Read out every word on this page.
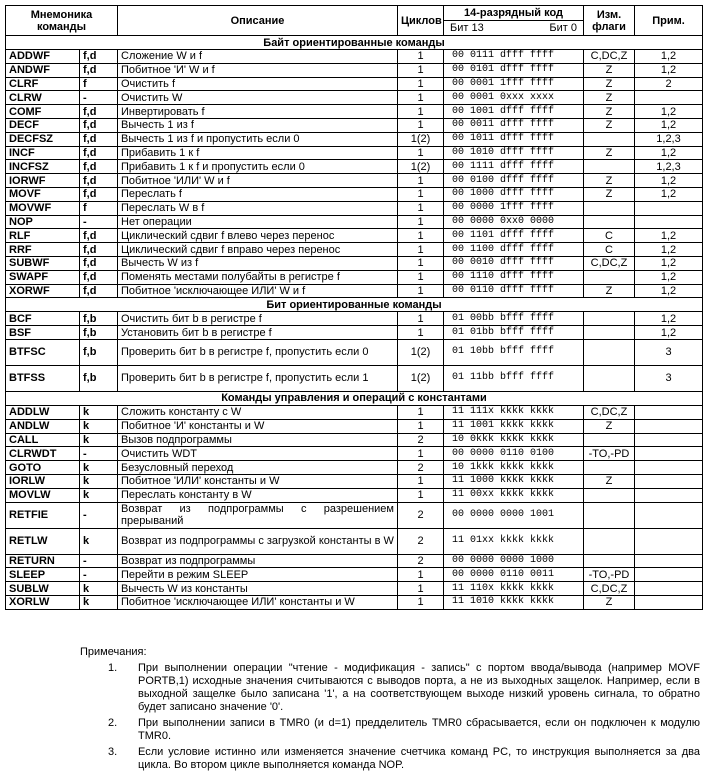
Мнемоника команды		Описание	Циклов	14-разрядный код	Изм. флаги	Прим.

				Бит 13 Бит 0		

Байт ориентированные команды						
ADDWF	f,d	Сложение W и f	1	00 0111 dfff ffff	C,DC,Z	1,2
ANDWF	f,d	Побитное 'И' W и f	1	00 0101 dfff ffff	Z	1,2
CLRF	f	Очистить f	1	00 0001 1fff ffff	Z	2
CLRW	-	Очистить W	1	00 0001 0xxx xxxx	Z	
COMF	f,d	Инвертировать f	1	00 1001 dfff ffff	Z	1,2
DECF	f,d	Вычесть 1 из f	1	00 0011 dfff ffff	Z	1,2
DECFSZ	f,d	Вычесть 1 из f и пропустить если 0	1(2)	00 1011 dfff ffff		1,2,3
INCF	f,d	Прибавить 1 к f	1	00 1010 dfff ffff	Z	1,2
INCFSZ	f,d	Прибавить 1 к f и пропустить если 0	1(2)	00 1111 dfff ffff		1,2,3
IORWF	f,d	Побитное 'ИЛИ' W и f	1	00 0100 dfff ffff	Z	1,2
MOVF	f,d	Переслать f	1	00 1000 dfff ffff	Z	1,2
MOVWF	f	Переслать W в f	1	00 0000 1fff ffff		
NOP	-	Нет операции	1	00 0000 0xx0 0000		
RLF	f,d	Циклический сдвиг f влево через перенос	1	00 1101 dfff ffff	C	1,2
RRF	f,d	Циклический сдвиг f вправо через перенос	1	00 1100 dfff ffff	C	1,2
SUBWF	f,d	Вычесть W из f	1	00 0010 dfff ffff	C,DC,Z	1,2
SWAPF	f,d	Поменять местами полубайты в регистре f	1	00 1110 dfff ffff		1,2
XORWF	f,d	Побитное 'исключающее ИЛИ' W и f	1	00 0110 dfff ffff	Z	1,2
Бит ориентированные команды						
BCF	f,b	Очистить бит b в регистре f	1	01 00bb bfff ffff		1,2
BSF	f,b	Установить бит b в регистре f	1	01 01bb bfff ffff		1,2
BTFSC	f,b	Проверить бит b в регистре f, пропустить если 0	1(2)	01 10bb bfff ffff		3
BTFSS	f,b	Проверить бит b в регистре f, пропустить если 1	1(2)	01 11bb bfff ffff		3
Команды управления и операций с константами						
ADDLW	k	Сложить константу с W	1	11 111x kkkk kkkk	C,DC,Z	
ANDLW	k	Побитное 'И' константы и W	1	11 1001 kkkk kkkk	Z	
CALL	k	Вызов подпрограммы	2	10 0kkk kkkk kkkk		
CLRWDT	-	Очистить WDT	1	00 0000 0110 0100	-TO,-PD	
GOTO	k	Безусловный переход	2	10 1kkk kkkk kkkk		
IORLW	k	Побитное 'ИЛИ' константы и W	1	11 1000 kkkk kkkk	Z	
MOVLW	k	Переслать константу в W	1	11 00xx kkkk kkkk		
RETFIE	-	Возврат из подпрограммы с разрешением прерываний	2	00 0000 0000 1001		
RETLW	k	Возврат из подпрограммы с загрузкой константы в W	2	11 01xx kkkk kkkk		
RETURN	-	Возврат из подпрограммы	2	00 0000 0000 1000		
SLEEP	-	Перейти в режим SLEEP	1	00 0000 0110 0011	-TO,-PD	
SUBLW	k	Вычесть W из константы	1	11 110x kkkk kkkk	C,DC,Z	
XORLW	k	Побитное 'исключающее ИЛИ' константы и W	1	11 1010 kkkk kkkk	Z	
Примечания:
1.	При выполнении операции "чтение - модификация - запись" с портом ввода/вывода (например MOVF PORTB,1) исходные значения считываются с выводов порта, а не из выходных защелок. Например, если в выходной защелке было записана '1', а на соответствующем выходе низкий уровень сигнала, то обратно будет записано значение '0'.
2.	При выполнении записи в TMR0 (и d=1) предделитель TMR0 сбрасывается, если он подключен к модулю TMR0.
3.	Если условие истинно или изменяется значение счетчика команд PC, то инструкция выполняется за два цикла. Во втором цикле выполняется команда NOP.
